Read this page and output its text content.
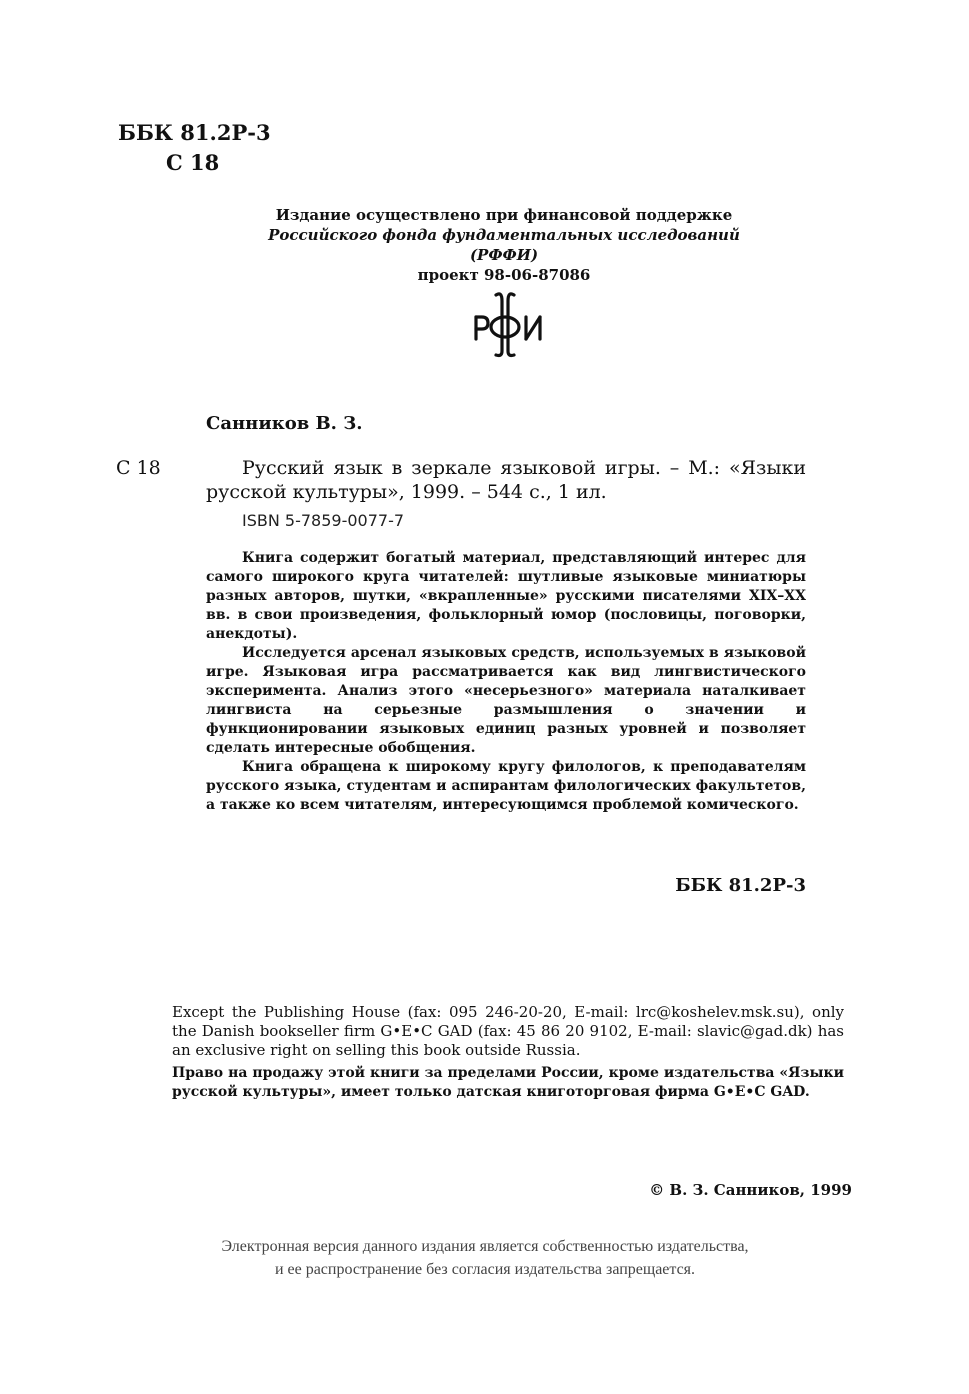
ББК 81.2Р-3
С 18
Издание осуществлено при финансовой поддержке
Российского фонда фундаментальных исследований
(РФФИ)
проект 98-06-87086
Санников В. З.
С 18	Русский язык в зеркале языковой игры. – М.: «Языки русской культуры», 1999. – 544 с., 1 ил.
ISBN 5-7859-0077-7

Книга содержит богатый материал, представляющий интерес для самого широкого круга читателей: шутливые языковые миниатюры разных авторов, шутки, «вкрапленные» русскими писателями XIX–XX вв. в свои произведения, фольклорный юмор (пословицы, поговорки, анекдоты).

Исследуется арсенал языковых средств, используемых в языковой игре. Языковая игра рассматривается как вид лингвистического эксперимента. Анализ этого «несерьезного» материала наталкивает лингвиста на серьезные размышления о значении и функционировании языковых единиц разных уровней и позволяет сделать интересные обобщения.

Книга обращена к широкому кругу филологов, к преподавателям русского языка, студентам и аспирантам филологических факультетов, а также ко всем читателям, интересующимся проблемой комического.

ББК 81.2Р-3

Except the Publishing House (fax: 095 246-20-20, E-mail: lrc@koshelev.msk.su), only the Danish bookseller firm G•E•C GAD (fax: 45 86 20 9102, E-mail: slavic@gad.dk) has an exclusive right on selling this book outside Russia.

Право на продажу этой книги за пределами России, кроме издательства «Языки русской культуры», имеет только датская книготорговая фирма G•E•C GAD.

© В. З. Санников, 1999
Электронная версия данного издания является собственностью издательства,
и ее распространение без согласия издательства запрещается.
